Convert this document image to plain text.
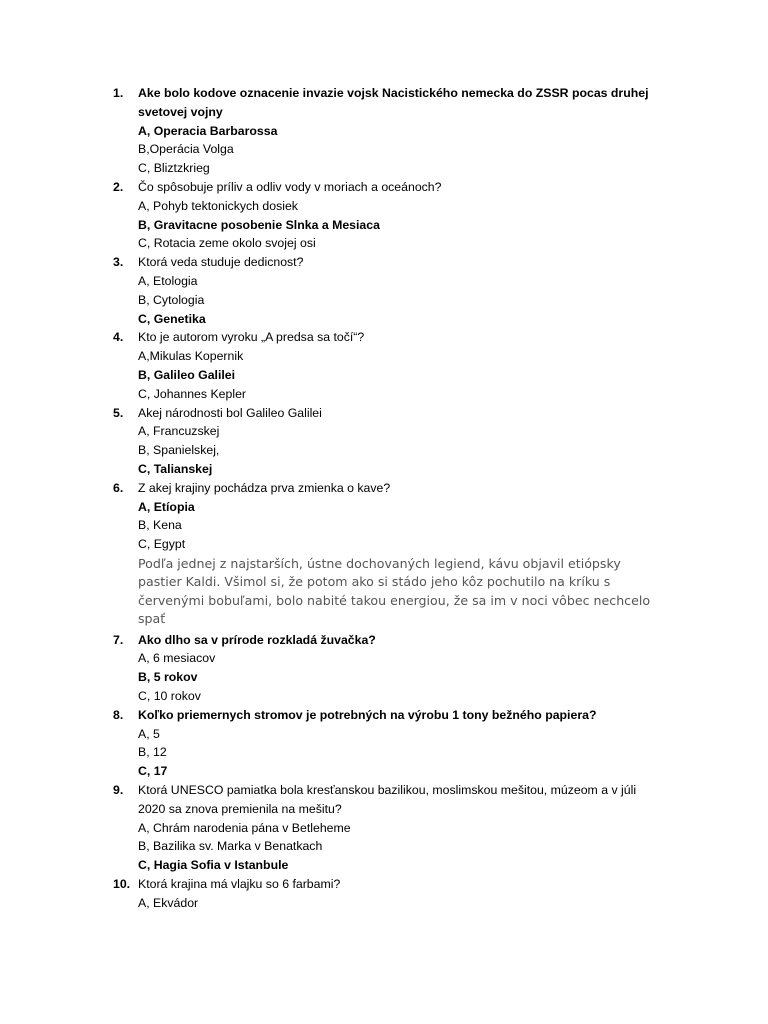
1. Ake bolo kodove oznacenie invazie vojsk Nacistického nemecka do ZSSR pocas druhej
svetovej vojny
A, Operacia Barbarossa
B,Operácia Volga
C, Bliztzkrieg
2. Čo spôsobuje príliv a odliv vody v moriach a oceánoch?
A, Pohyb tektonickych dosiek
B, Gravitacne posobenie Slnka a Mesiaca
C, Rotacia zeme okolo svojej osi
3. Ktorá veda studuje dedicnost?
A, Etologia
B, Cytologia
C, Genetika
4. Kto je autorom vyroku „A predsa sa točí“?
A,Mikulas Kopernik
B, Galileo Galilei
C, Johannes Kepler
5. Akej národnosti bol Galileo Galilei
A, Francuzskej
B, Spanielskej,
C, Talianskej
6. Z akej krajiny pochádza prva zmienka o kave?
A, Etíopia
B, Kena
C, Egypt
Podľa jednej z najstarších, ústne dochovaných legiend, kávu objavil etiópsky pastier Kaldi. Všimol si, že potom ako si stádo jeho kôz pochutilo na kríku s červenými bobuľami, bolo nabité takou energiou, že sa im v noci vôbec nechcelo spať
7. Ako dlho sa v prírode rozkladá žuvačka?
A, 6 mesiacov
B, 5 rokov
C, 10 rokov
8. Koľko priemernych stromov je potrebných na výrobu 1 tony bežného papiera?
A, 5
B, 12
C, 17
9. Ktorá UNESCO pamiatka bola kresťanskou bazilikou, moslimskou mešitou, múzeom a v júli
2020 sa znova premienila na mešitu?
A, Chrám narodenia pána v Betleheme
B, Bazilika sv. Marka v Benatkach
C, Hagia Sofia v Istanbule
10. Ktorá krajina má vlajku so 6 farbami?
A, Ekvádor
